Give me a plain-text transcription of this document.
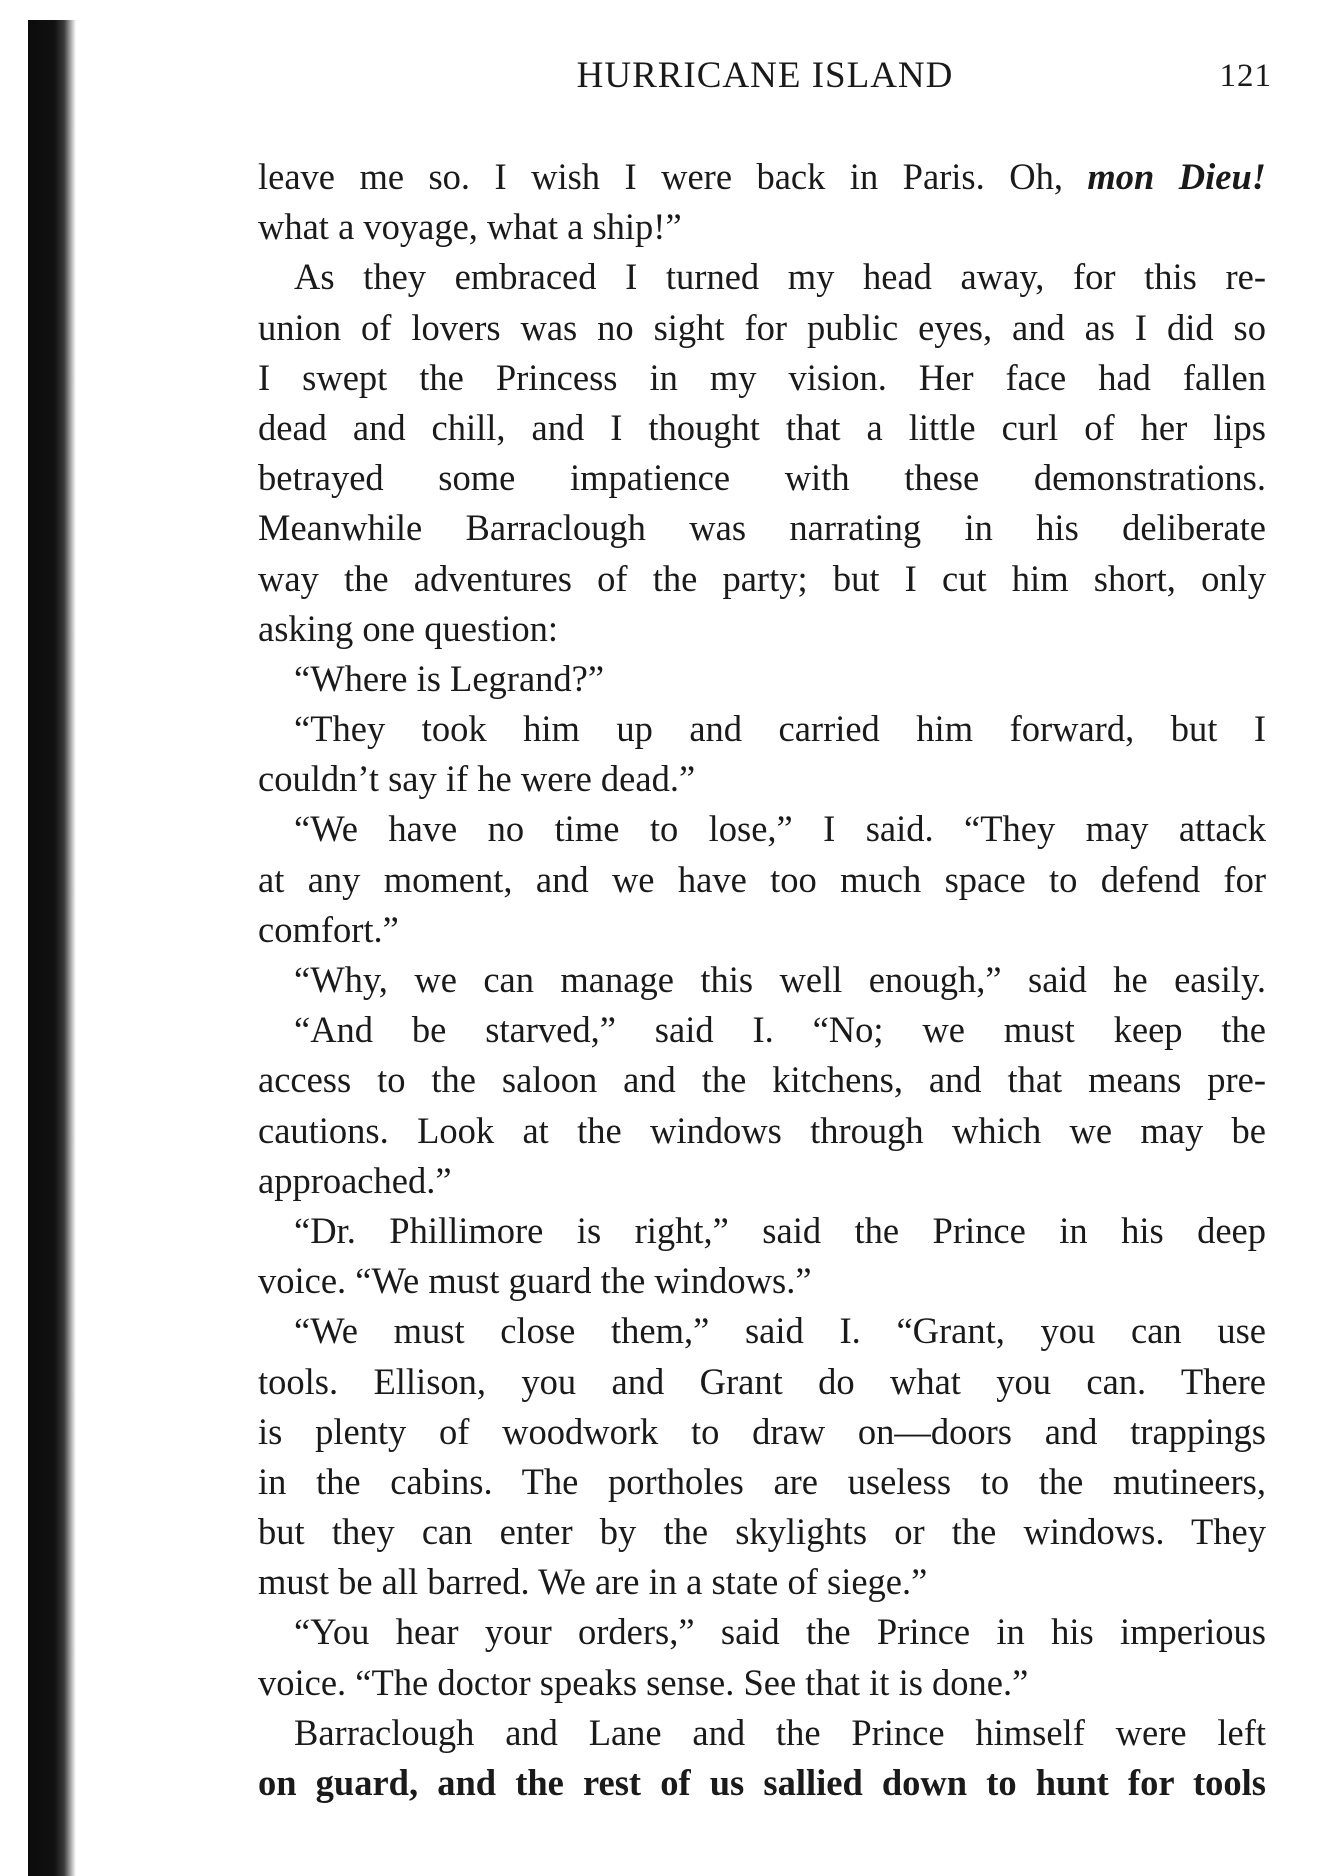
HURRICANE ISLAND	121
leave me so. I wish I were back in Paris. Oh, mon Dieu!
what a voyage, what a ship!”
As they embraced I turned my head away, for this re-
union of lovers was no sight for public eyes, and as I did so
I swept the Princess in my vision. Her face had fallen
dead and chill, and I thought that a little curl of her lips
betrayed some impatience with these demonstrations.
Meanwhile Barraclough was narrating in his deliberate
way the adventures of the party; but I cut him short, only
asking one question:
“Where is Legrand?”
“They took him up and carried him forward, but I
couldn’t say if he were dead.”
“We have no time to lose,” I said. “They may attack
at any moment, and we have too much space to defend for
comfort.”
“Why, we can manage this well enough,” said he easily.
“And be starved,” said I. “No; we must keep the
access to the saloon and the kitchens, and that means pre-
cautions. Look at the windows through which we may be
approached.”
“Dr. Phillimore is right,” said the Prince in his deep
voice. “We must guard the windows.”
“We must close them,” said I. “Grant, you can use
tools. Ellison, you and Grant do what you can. There
is plenty of woodwork to draw on—doors and trappings
in the cabins. The portholes are useless to the mutineers,
but they can enter by the skylights or the windows. They
must be all barred. We are in a state of siege.”
“You hear your orders,” said the Prince in his imperious
voice. “The doctor speaks sense. See that it is done.”
Barraclough and Lane and the Prince himself were left
on guard, and the rest of us sallied down to hunt for tools
